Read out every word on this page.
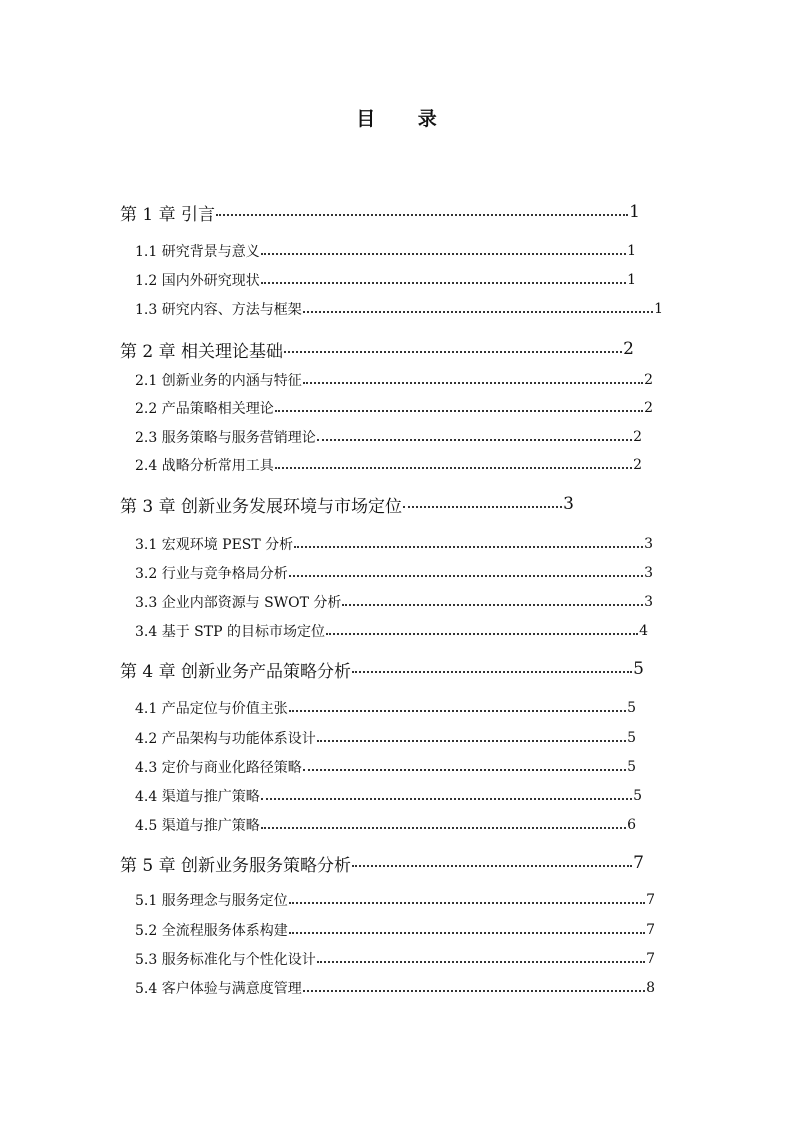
目 录
第 1 章 引言	1
1.1 研究背景与意义	1
1.2 国内外研究现状	1
1.3 研究内容、方法与框架	1
第 2 章 相关理论基础	2
2.1 创新业务的内涵与特征	2
2.2 产品策略相关理论	2
2.3 服务策略与服务营销理论	2
2.4 战略分析常用工具	2
第 3 章 创新业务发展环境与市场定位	3
3.1 宏观环境 PEST 分析	3
3.2 行业与竞争格局分析	3
3.3 企业内部资源与 SWOT 分析	3
3.4 基于 STP 的目标市场定位	4
第 4 章 创新业务产品策略分析	5
4.1 产品定位与价值主张	5
4.2 产品架构与功能体系设计	5
4.3 定价与商业化路径策略	5
4.4 渠道与推广策略	5
4.5 渠道与推广策略	6
第 5 章 创新业务服务策略分析	7
5.1 服务理念与服务定位	7
5.2 全流程服务体系构建	7
5.3 服务标准化与个性化设计	7
5.4 客户体验与满意度管理	8
